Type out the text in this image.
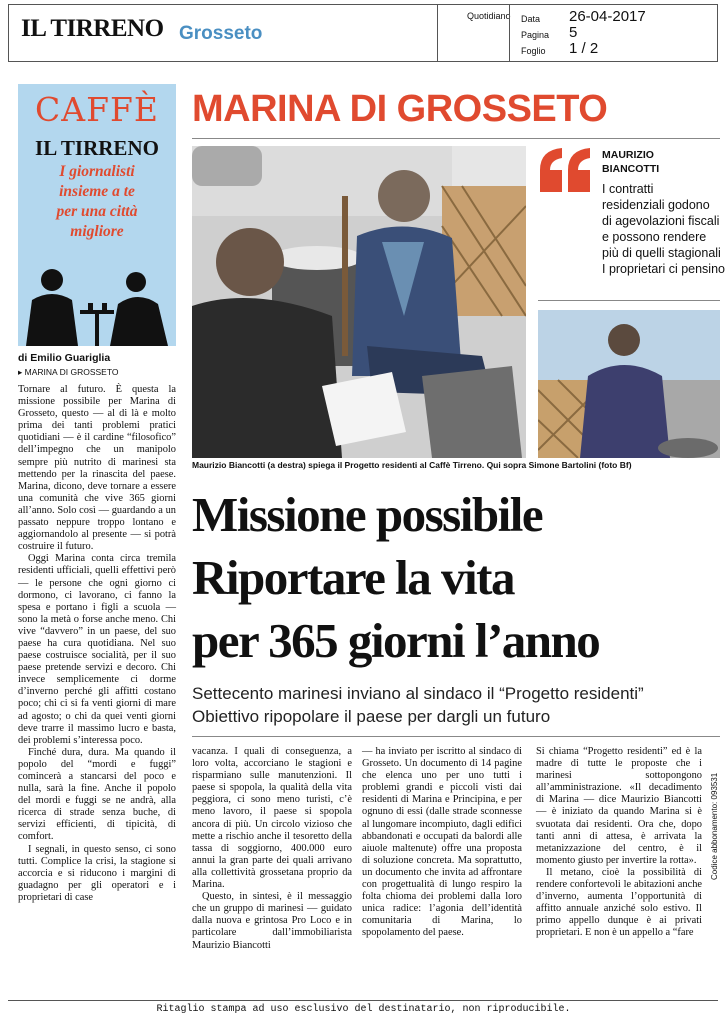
IL TIRRENO Grosseto
Quotidiano Data 26-04-2017
Pagina 5
Foglio 1 / 2
CAFFÈ
IL TIRRENO
I giornalisti
insieme a te
per una città
migliore
di Emilio Guariglia
▸ MARINA DI GROSSETO
MARINA DI GROSSETO
MAURIZIO
BIANCOTTI
I contratti
residenziali godono
di agevolazioni fiscali
e possono rendere
più di quelli stagionali
I proprietari ci pensino
Maurizio Biancotti (a destra) spiega il Progetto residenti al Caffè Tirreno. Qui sopra Simone Bartolini (foto Bf)
Missione possibile
Riportare la vita
per 365 giorni l’anno
Settecento marinesi inviano al sindaco il “Progetto residenti”
Obiettivo ripopolare il paese per dargli un futuro

Tornare al futuro. È questa la missione possibile per Marina di Grosseto, questo — al di là e molto prima dei tanti problemi pratici quotidiani — è il cardine “filosofico” dell’impegno che un manipolo sempre più nutrito di marinesi sta mettendo per la rinascita del paese. Marina, dicono, deve tornare a essere una comunità che vive 365 giorni all’anno. Solo così — guardando a un passato neppure troppo lontano e aggiornandolo al presente — si potrà costruire il futuro.

Oggi Marina conta circa tremila residenti ufficiali, quelli effettivi però — le persone che ogni giorno ci dormono, ci lavorano, ci fanno la spesa e portano i figli a scuola — sono la metà o forse anche meno. Chi vive “davvero” in un paese, del suo paese ha cura quotidiana. Nel suo paese costruisce socialità, per il suo paese pretende servizi e decoro. Chi invece semplicemente ci dorme d’inverno perché gli affitti costano poco; chi ci si fa venti giorni di mare ad agosto; o chi da quei venti giorni deve trarre il massimo lucro e basta, dei problemi s’interessa poco.

Finché dura, dura. Ma quando il popolo del “mordi e fuggi” comincerà a stancarsi del poco e nulla, sarà la fine. Anche il popolo del mordi e fuggi se ne andrà, alla ricerca di strade senza buche, di servizi efficienti, di tipicità, di comfort.

I segnali, in questo senso, ci sono tutti. Complice la crisi, la stagione si accorcia e si riducono i margini di guadagno per gli operatori e i proprietari di case

vacanza. I quali di conseguenza, a loro volta, accorciano le stagioni e risparmiano sulle manutenzioni. Il paese si spopola, la qualità della vita peggiora, ci sono meno turisti, c’è meno lavoro, il paese si spopola ancora di più. Un circolo vizioso che mette a rischio anche il tesoretto della tassa di soggiorno, 400.000 euro annui la gran parte dei quali arrivano alla collettività grossetana proprio da Marina.

Questo, in sintesi, è il messaggio che un gruppo di marinesi — guidato dalla nuova e grintosa Pro Loco e in particolare dall’immobiliarista Maurizio Biancotti

— ha inviato per iscritto al sindaco di Grosseto. Un documento di 14 pagine che elenca uno per uno tutti i problemi grandi e piccoli visti dai residenti di Marina e Principina, e per ognuno di essi (dalle strade sconnesse al lungomare incompiuto, dagli edifici abbandonati e occupati da balordi alle aiuole maltenute) offre una proposta di soluzione concreta. Ma soprattutto, un documento che invita ad affrontare con progettualità di lungo respiro la folta chioma dei problemi dalla loro unica radice: l’agonia dell’identità comunitaria di Marina, lo spopolamento del paese.

Si chiama “Progetto residenti” ed è la madre di tutte le proposte che i marinesi sottopongono all’amministrazione. «Il decadimento di Marina — dice Maurizio Biancotti — è iniziato da quando Marina si è svuotata dai residenti. Ora che, dopo tanti anni di attesa, è arrivata la metanizzazione del centro, è il momento giusto per invertire la rotta».

Il metano, cioè la possibilità di rendere confortevoli le abitazioni anche d’inverno, aumenta l’opportunità di affitto annuale anziché solo estivo. Il primo appello dunque è ai privati proprietari. E non è un appello a “fare

Codice abbonamento: 093531
Ritaglio stampa ad uso esclusivo del destinatario, non riproducibile.
